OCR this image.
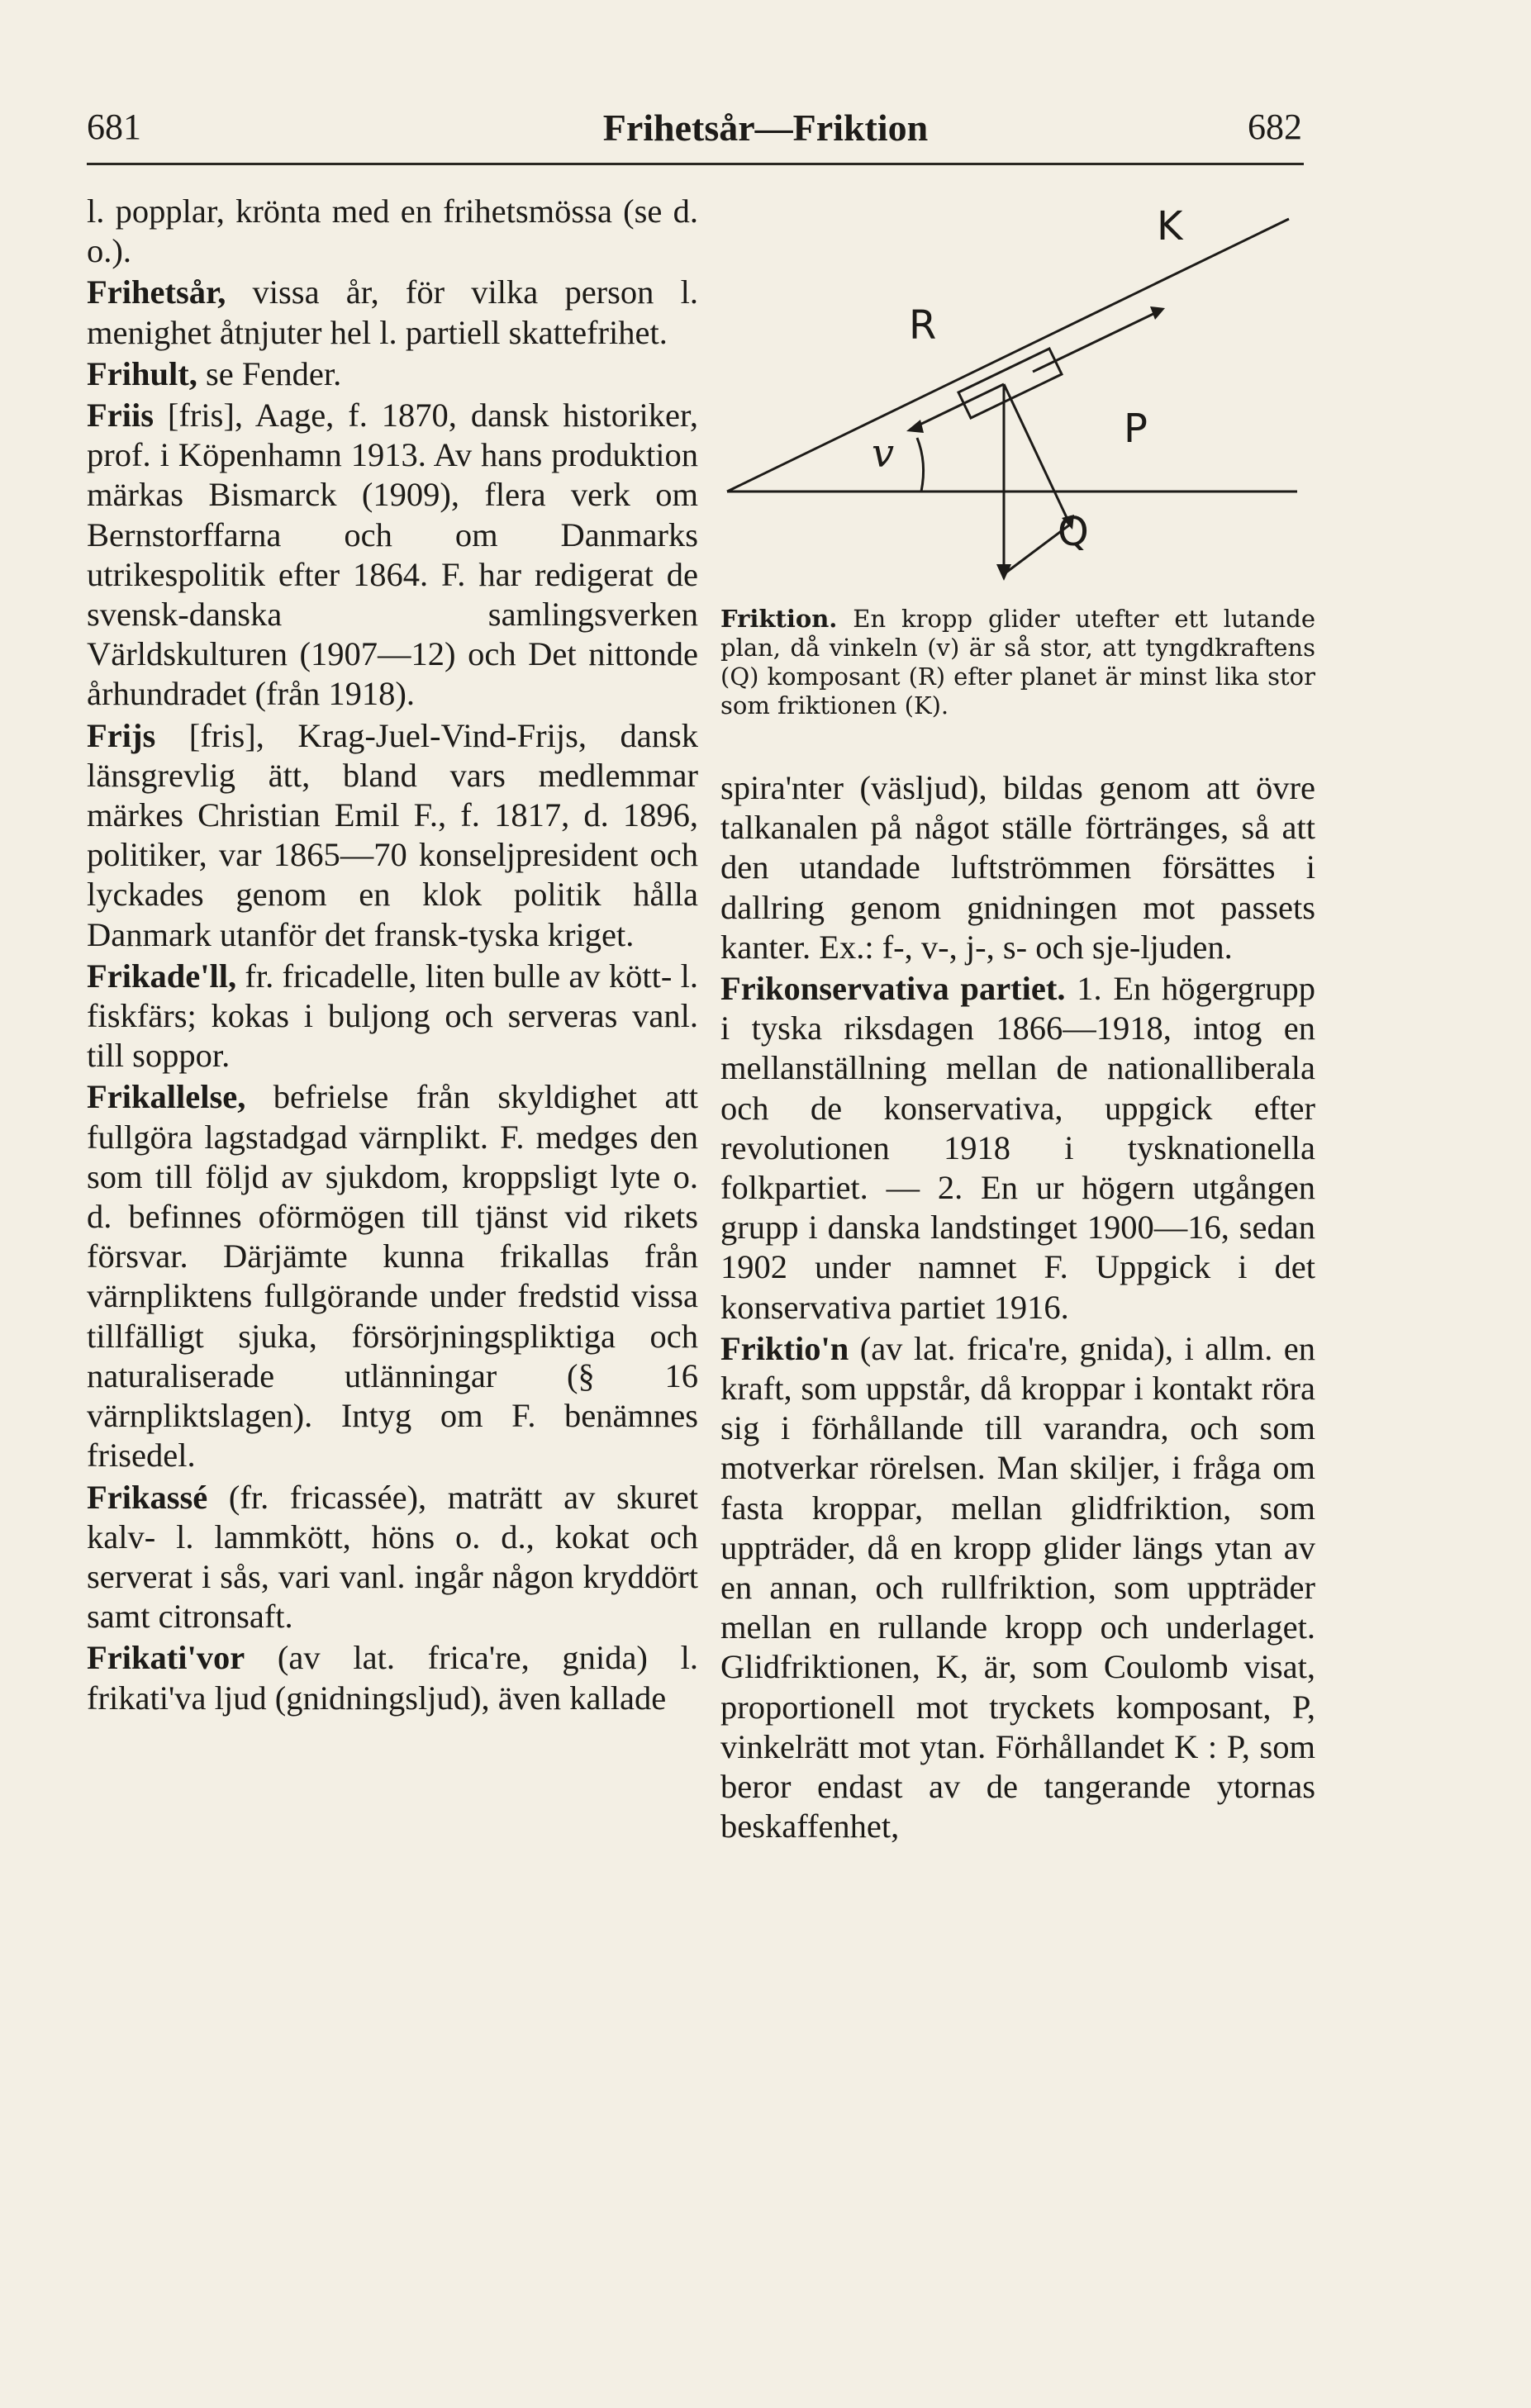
681	Frihetsår—Friktion	682

l. popplar, krönta med en frihetsmössa (se d. o.).

Frihetsår, vissa år, för vilka person l. menighet åtnjuter hel l. partiell skattefrihet.

Frihult, se Fender.

Friis [fris], Aage, f. 1870, dansk historiker, prof. i Köpenhamn 1913. Av hans produktion märkas Bismarck (1909), flera verk om Bernstorffarna och om Danmarks utrikespolitik efter 1864. F. har redigerat de svensk-danska samlingsverken Världskulturen (1907—12) och Det nittonde århundradet (från 1918).

Frijs [fris], Krag-Juel-Vind-Frijs, dansk länsgrevlig ätt, bland vars medlemmar märkes Christian Emil F., f. 1817, d. 1896, politiker, var 1865—70 konseljpresident och lyckades genom en klok politik hålla Danmark utanför det fransk-tyska kriget.

Frikade'll, fr. fricadelle, liten bulle av kött- l. fiskfärs; kokas i buljong och serveras vanl. till soppor.

Frikallelse, befrielse från skyldighet att fullgöra lagstadgad värnplikt. F. medges den som till följd av sjukdom, kroppsligt lyte o. d. befinnes oförmögen till tjänst vid rikets försvar. Därjämte kunna frikallas från värnpliktens fullgörande under fredstid vissa tillfälligt sjuka, försörjningspliktiga och naturaliserade utlänningar (§ 16 värnpliktslagen). Intyg om F. benämnes frisedel.

Frikassé (fr. fricassée), maträtt av skuret kalv- l. lammkött, höns o. d., kokat och serverat i sås, vari vanl. ingår någon kryddört samt citronsaft.

Frikati'vor (av lat. frica're, gnida) l. frikati'va ljud (gnidningsljud), även kallade

K
R
P
Q
v
Friktion. En kropp glider utefter ett lutande plan, då vinkeln (v) är så stor, att tyngdkraftens (Q) komposant (R) efter planet är minst lika stor som friktionen (K).

spira'nter (väsljud), bildas genom att övre talkanalen på något ställe förtränges, så att den utandade luftströmmen försättes i dallring genom gnidningen mot passets kanter. Ex.: f-, v-, j-, s- och sje-ljuden.

Frikonservativa partiet. 1. En högergrupp i tyska riksdagen 1866—1918, intog en mellanställning mellan de nationalliberala och de konservativa, uppgick efter revolutionen 1918 i tysknationella folkpartiet. — 2. En ur högern utgången grupp i danska landstinget 1900—16, sedan 1902 under namnet F. Uppgick i det konservativa partiet 1916.

Friktio'n (av lat. frica're, gnida), i allm. en kraft, som uppstår, då kroppar i kontakt röra sig i förhållande till varandra, och som motverkar rörelsen. Man skiljer, i fråga om fasta kroppar, mellan glidfriktion, som uppträder, då en kropp glider längs ytan av en annan, och rullfriktion, som uppträder mellan en rullande kropp och underlaget. Glidfriktionen, K, är, som Coulomb visat, proportionell mot tryckets komposant, P, vinkelrätt mot ytan. Förhållandet K : P, som beror endast av de tangerande ytornas beskaffenhet,
